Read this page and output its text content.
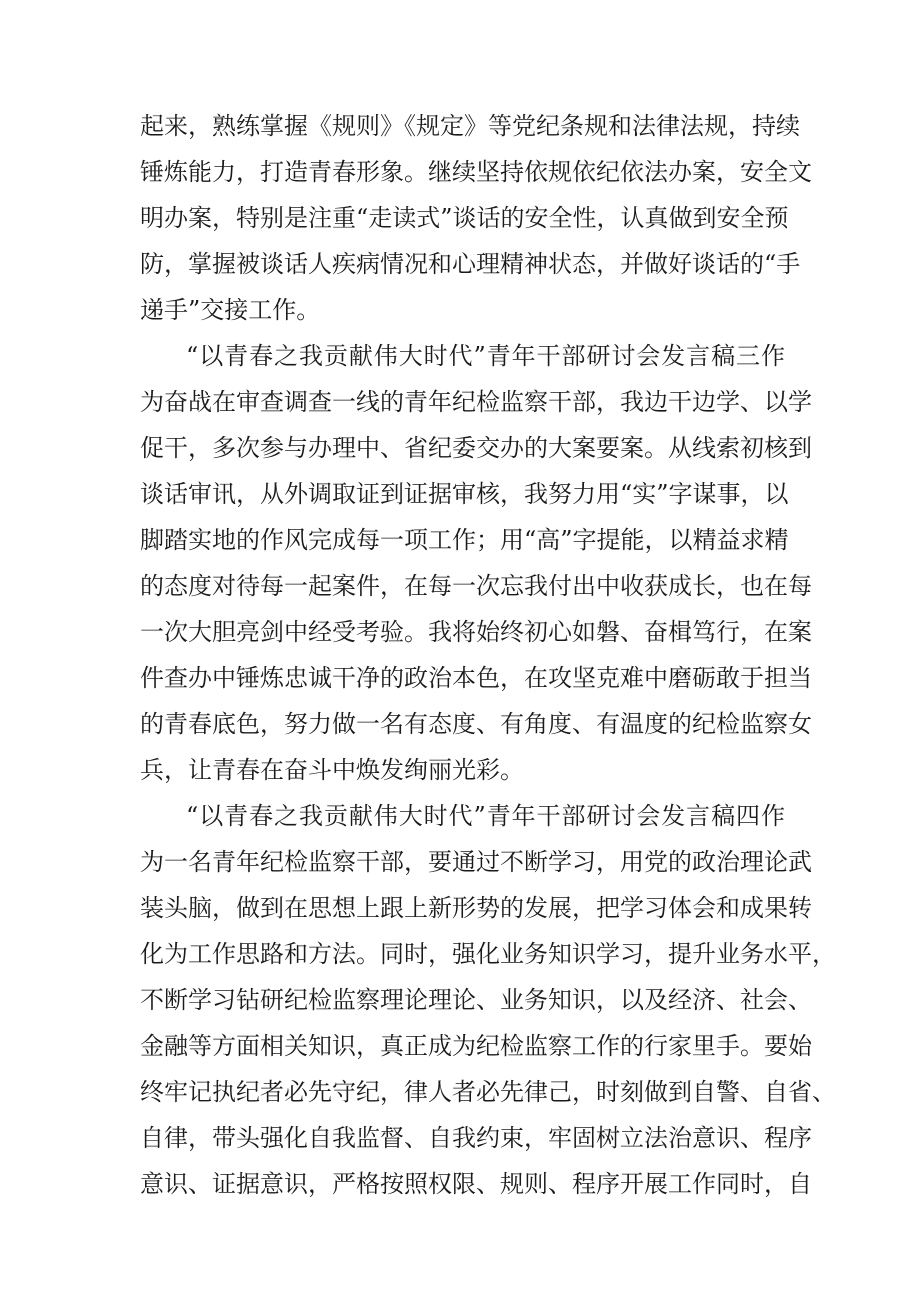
起来，熟练掌握《规则》《规定》等党纪条规和法律法规，持续
锤炼能力，打造青春形象。继续坚持依规依纪依法办案，安全文
明办案，特别是注重“走读式”谈话的安全性，认真做到安全预
防，掌握被谈话人疾病情况和心理精神状态，并做好谈话的“手
递手”交接工作。
“以青春之我贡献伟大时代”青年干部研讨会发言稿三作
为奋战在审查调查一线的青年纪检监察干部，我边干边学、以学
促干，多次参与办理中、省纪委交办的大案要案。从线索初核到
谈话审讯，从外调取证到证据审核，我努力用“实”字谋事，以
脚踏实地的作风完成每一项工作；用“高”字提能，以精益求精
的态度对待每一起案件，在每一次忘我付出中收获成长，也在每
一次大胆亮剑中经受考验。我将始终初心如磐、奋楫笃行，在案
件查办中锤炼忠诚干净的政治本色，在攻坚克难中磨砺敢于担当
的青春底色，努力做一名有态度、有角度、有温度的纪检监察女
兵，让青春在奋斗中焕发绚丽光彩。
“以青春之我贡献伟大时代”青年干部研讨会发言稿四作
为一名青年纪检监察干部，要通过不断学习，用党的政治理论武
装头脑，做到在思想上跟上新形势的发展，把学习体会和成果转
化为工作思路和方法。同时，强化业务知识学习，提升业务水平，
不断学习钻研纪检监察理论理论、业务知识，以及经济、社会、
金融等方面相关知识，真正成为纪检监察工作的行家里手。要始
终牢记执纪者必先守纪，律人者必先律己，时刻做到自警、自省、
自律，带头强化自我监督、自我约束，牢固树立法治意识、程序
意识、证据意识，严格按照权限、规则、程序开展工作同时，自
